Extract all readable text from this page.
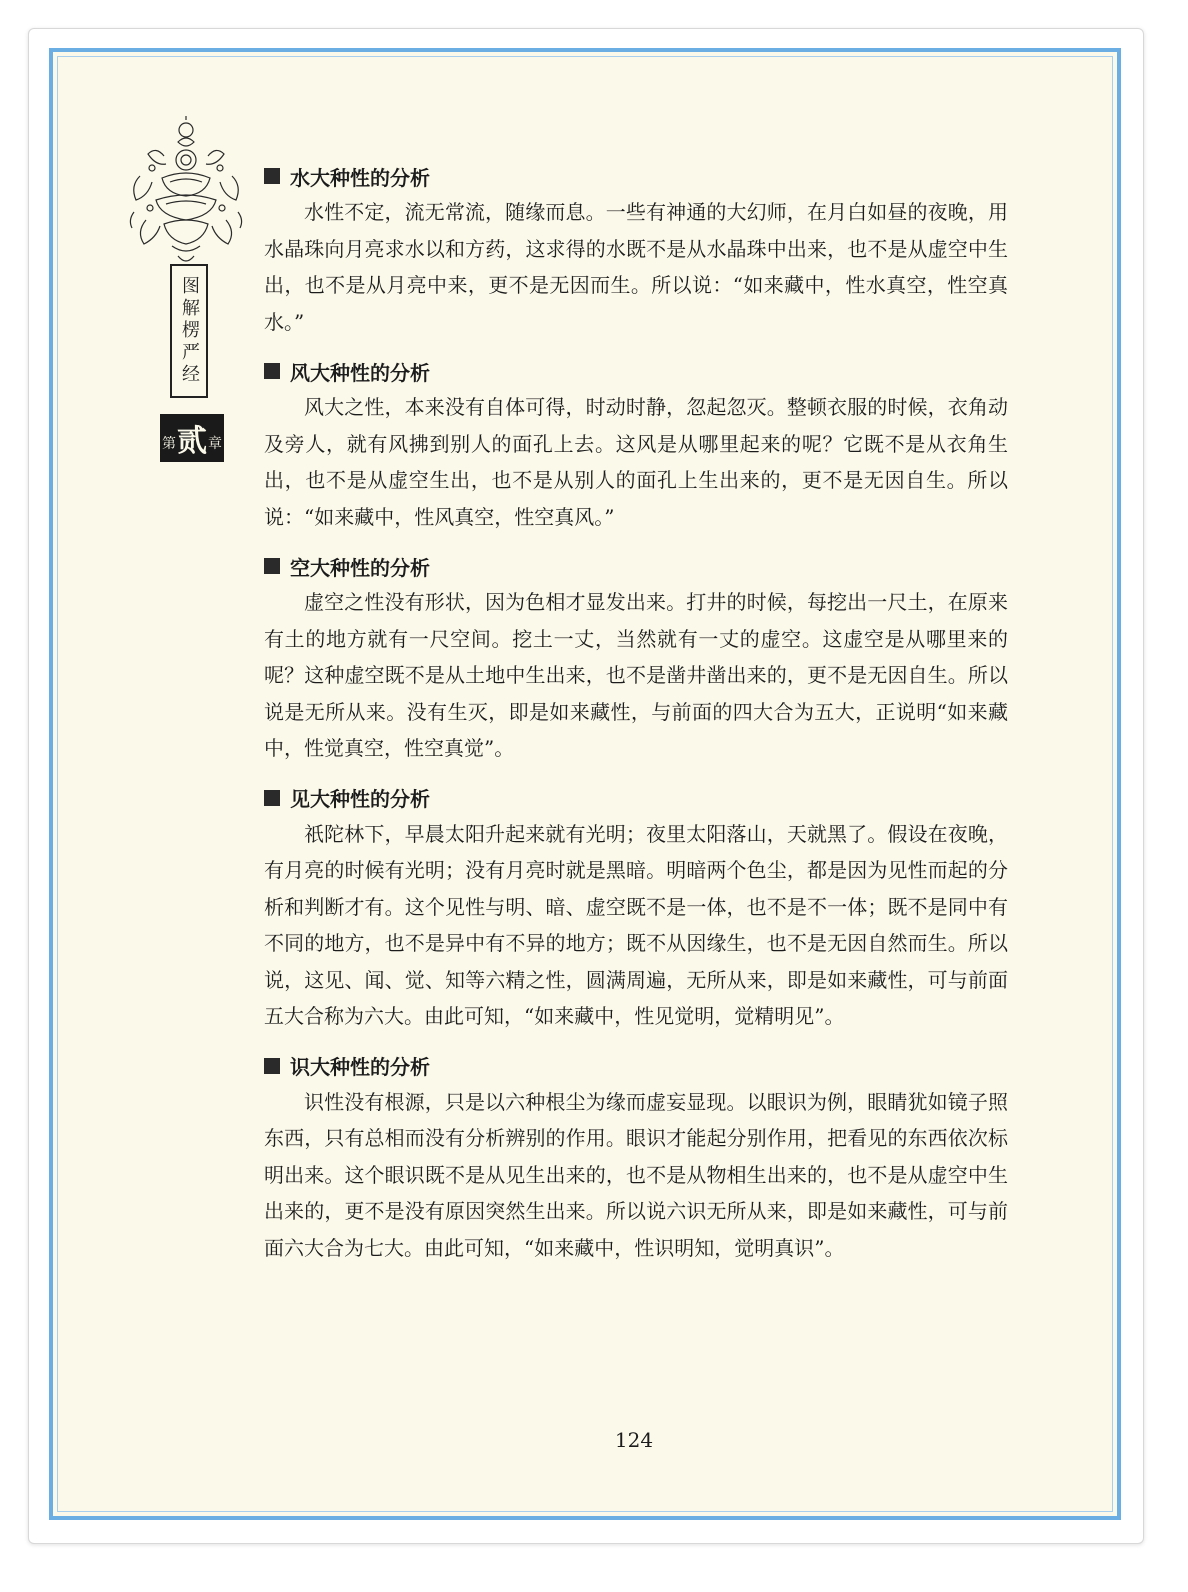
图解楞严经
第 贰 章
水大种性的分析

水性不定，流无常流，随缘而息。一些有神通的大幻师，在月白如昼的夜晚，用水晶珠向月亮求水以和方药，这求得的水既不是从水晶珠中出来，也不是从虚空中生出，也不是从月亮中来，更不是无因而生。所以说：“如来藏中，性水真空，性空真水。”

风大种性的分析

风大之性，本来没有自体可得，时动时静，忽起忽灭。整顿衣服的时候，衣角动及旁人，就有风拂到别人的面孔上去。这风是从哪里起来的呢？它既不是从衣角生出，也不是从虚空生出，也不是从别人的面孔上生出来的，更不是无因自生。所以说：“如来藏中，性风真空，性空真风。”

空大种性的分析

虚空之性没有形状，因为色相才显发出来。打井的时候，每挖出一尺土，在原来有土的地方就有一尺空间。挖土一丈，当然就有一丈的虚空。这虚空是从哪里来的呢？这种虚空既不是从土地中生出来，也不是凿井凿出来的，更不是无因自生。所以说是无所从来。没有生灭，即是如来藏性，与前面的四大合为五大，正说明“如来藏中，性觉真空，性空真觉”。

见大种性的分析

祇陀林下，早晨太阳升起来就有光明；夜里太阳落山，天就黑了。假设在夜晚，有月亮的时候有光明；没有月亮时就是黑暗。明暗两个色尘，都是因为见性而起的分析和判断才有。这个见性与明、暗、虚空既不是一体，也不是不一体；既不是同中有不同的地方，也不是异中有不异的地方；既不从因缘生，也不是无因自然而生。所以说，这见、闻、觉、知等六精之性，圆满周遍，无所从来，即是如来藏性，可与前面五大合称为六大。由此可知，“如来藏中，性见觉明，觉精明见”。

识大种性的分析

识性没有根源，只是以六种根尘为缘而虚妄显现。以眼识为例，眼睛犹如镜子照东西，只有总相而没有分析辨别的作用。眼识才能起分别作用，把看见的东西依次标明出来。这个眼识既不是从见生出来的，也不是从物相生出来的，也不是从虚空中生出来的，更不是没有原因突然生出来。所以说六识无所从来，即是如来藏性，可与前面六大合为七大。由此可知，“如来藏中，性识明知，觉明真识”。

124
